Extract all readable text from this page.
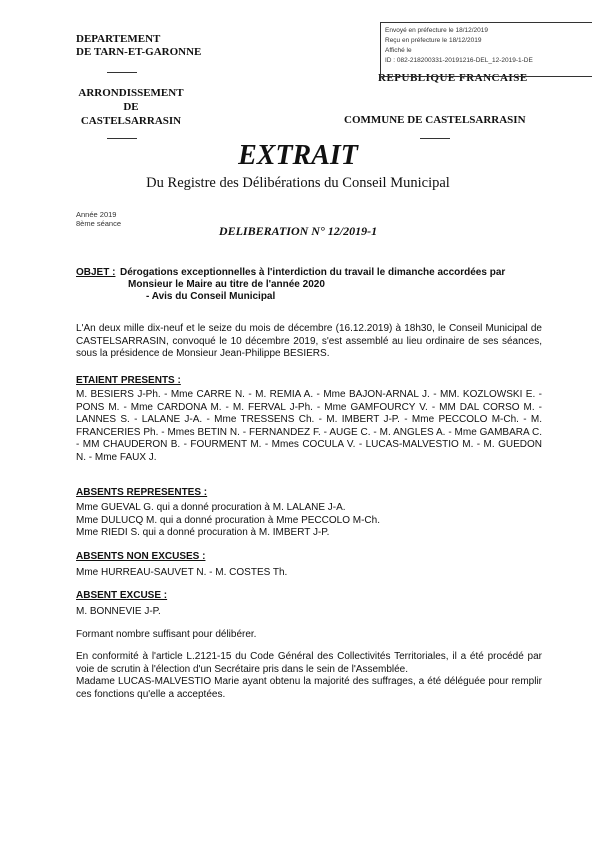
DEPARTEMENT
DE TARN-ET-GARONNE
ARRONDISSEMENT
DE
CASTELSARRASIN
REPUBLIQUE FRANCAISE
Envoyé en préfecture le 18/12/2019
Reçu en préfecture le 18/12/2019
Affiché le
ID : 082-218200331-20191216-DEL_12-2019-1-DE
COMMUNE DE CASTELSARRASIN
EXTRAIT
Du Registre des Délibérations du Conseil Municipal
Année 2019
8ème séance
DELIBERATION N° 12/2019-1
OBJET : Dérogations exceptionnelles à l'interdiction du travail le dimanche accordées par Monsieur le Maire au titre de l'année 2020
- Avis du Conseil Municipal
L'An deux mille dix-neuf et le seize du mois de décembre (16.12.2019) à 18h30, le Conseil Municipal de CASTELSARRASIN, convoqué le 10 décembre 2019, s'est assemblé au lieu ordinaire de ses séances, sous la présidence de Monsieur Jean-Philippe BESIERS.
ETAIENT PRESENTS :
M. BESIERS J-Ph. - Mme CARRE N. - M. REMIA A. - Mme BAJON-ARNAL J. - MM. KOZLOWSKI E. - PONS M. - Mme CARDONA M. - M. FERVAL J-Ph. - Mme GAMFOURCY V. - MM DAL CORSO M. - LANNES S. - LALANE J-A. - Mme TRESSENS Ch. - M. IMBERT J-P. - Mme PECCOLO M-Ch. - M. FRANCERIES Ph. - Mmes BETIN N. - FERNANDEZ F. - AUGE C. - M. ANGLES A. - Mme GAMBARA C. - MM CHAUDERON B. - FOURMENT M. - Mmes COCULA V. - LUCAS-MALVESTIO M. - M. GUEDON N. - Mme FAUX J.
ABSENTS REPRESENTES :
Mme GUEVAL G. qui a donné procuration à M. LALANE J-A.
Mme DULUCQ M. qui a donné procuration à Mme PECCOLO M-Ch.
Mme RIEDI S. qui a donné procuration à M. IMBERT J-P.
ABSENTS NON EXCUSES :
Mme HURREAU-SAUVET N. - M. COSTES Th.
ABSENT EXCUSE :
M. BONNEVIE J-P.
Formant nombre suffisant pour délibérer.
En conformité à l'article L.2121-15 du Code Général des Collectivités Territoriales, il a été procédé par voie de scrutin à l'élection d'un Secrétaire pris dans le sein de l'Assemblée.
Madame LUCAS-MALVESTIO Marie ayant obtenu la majorité des suffrages, a été déléguée pour remplir ces fonctions qu'elle a acceptées.
